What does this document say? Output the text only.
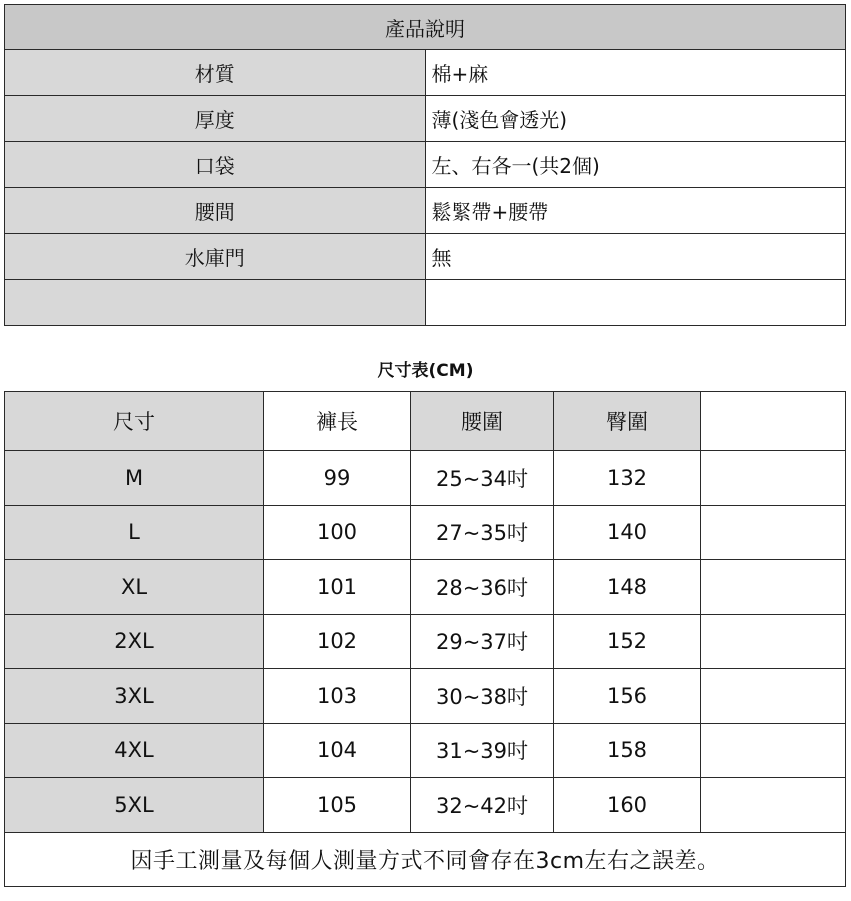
產品說明	
材質	棉+麻
厚度	薄(淺色會透光)
口袋	左、右各一(共2個)
腰間	鬆緊帶+腰帶
水庫門	無

尺寸表(CM)
尺寸	褲長	腰圍	臀圍	
M	99	25~34吋	132	
L	100	27~35吋	140	
XL	101	28~36吋	148	
2XL	102	29~37吋	152	
3XL	103	30~38吋	156	
4XL	104	31~39吋	158	
5XL	105	32~42吋	160	
因手工測量及每個人測量方式不同會存在3cm左右之誤差。				
